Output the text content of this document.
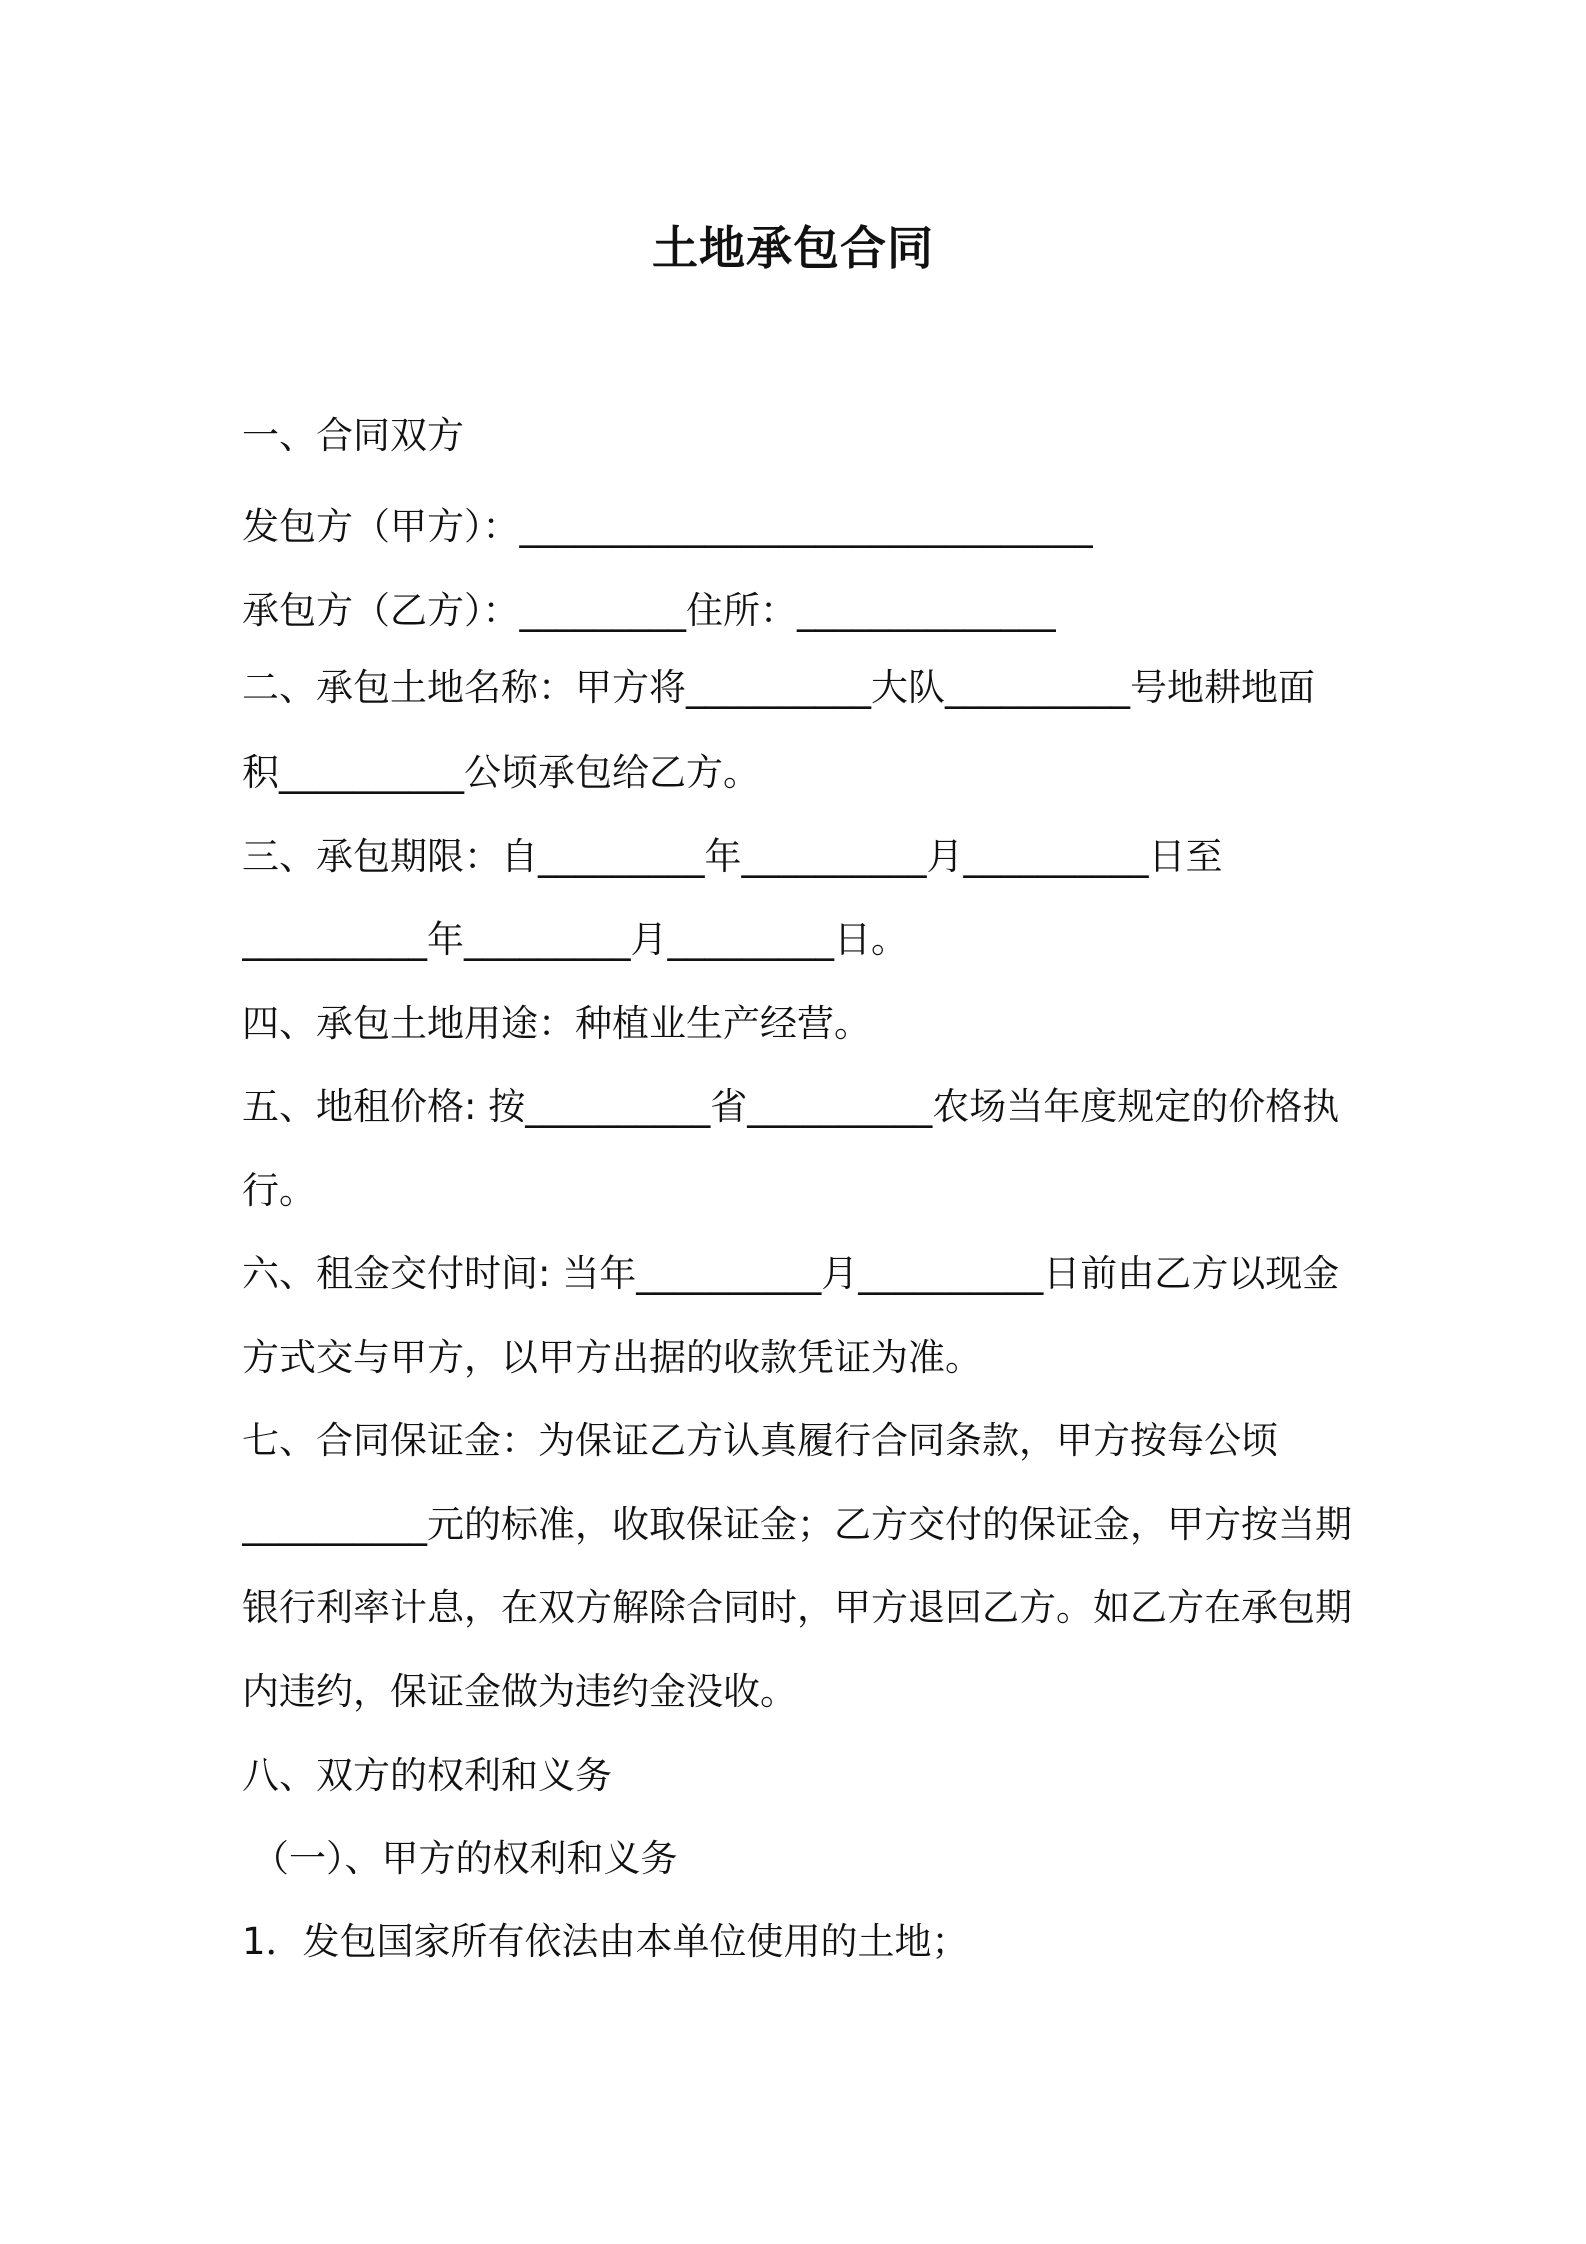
土地承包合同
一、合同双方
发包方（甲方）：_______________________________
承包方（乙方）：_________住所：______________
二、承包土地名称：甲方将__________大队__________号地耕地面
积__________公顷承包给乙方。
三、承包期限：自_________年__________月__________日至
__________年_________月_________日。
四、承包土地用途：种植业生产经营。
五、地租价格: 按__________省__________农场当年度规定的价格执
行。
六、租金交付时间: 当年__________月__________日前由乙方以现金
方式交与甲方，以甲方出据的收款凭证为准。
七、合同保证金：为保证乙方认真履行合同条款，甲方按每公顷
__________元的标准，收取保证金；乙方交付的保证金，甲方按当期
银行利率计息，在双方解除合同时，甲方退回乙方。如乙方在承包期
内违约，保证金做为违约金没收。
八、双方的权利和义务
（一）、甲方的权利和义务
1．发包国家所有依法由本单位使用的土地；
